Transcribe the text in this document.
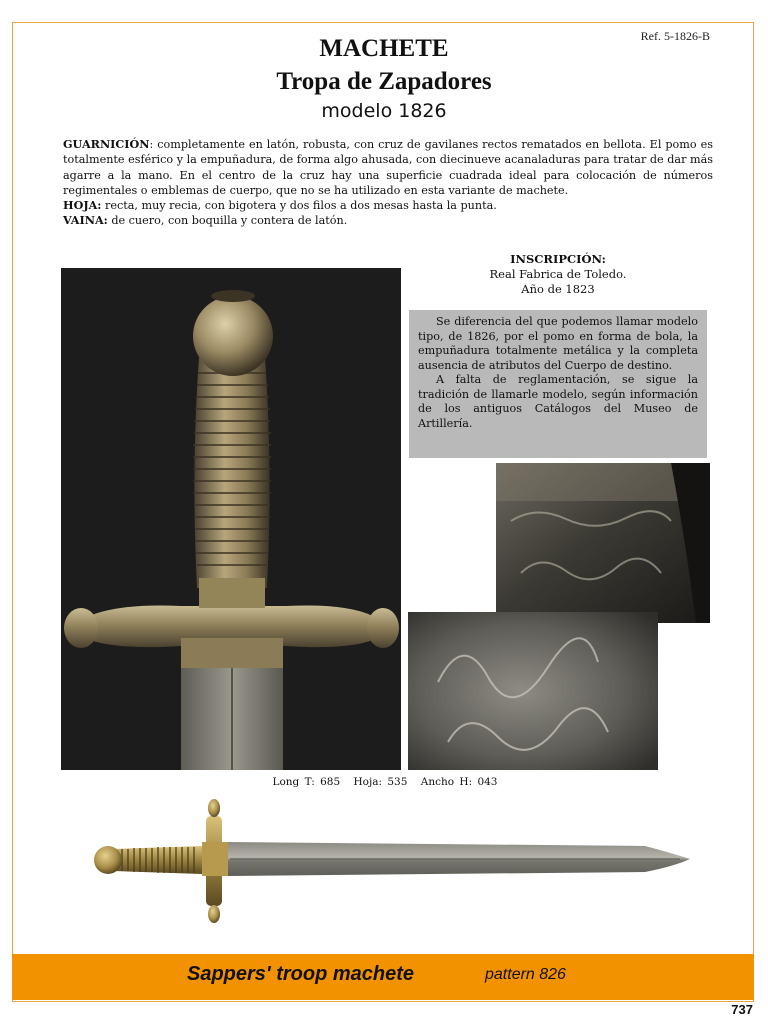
Ref. 5-1826-B
MACHETE
Tropa de Zapadores
modelo 1826

GUARNICIÓN: completamente en latón, robusta, con cruz de gavilanes rectos rematados en bellota. El pomo es totalmente esférico y la empuñadura, de forma algo ahusada, con diecinueve acanaladuras para tratar de dar más agarre a la mano. En el centro de la cruz hay una superficie cuadrada ideal para colocación de números regimentales o emblemas de cuerpo, que no se ha utilizado en esta variante de machete.

HOJA: recta, muy recia, con bigotera y dos filos a dos mesas hasta la punta.

VAINA: de cuero, con boquilla y contera de latón.

INSCRIPCIÓN:
Real Fabrica de Toledo.
Año de 1823

Se diferencia del que podemos llamar modelo tipo, de 1826, por el pomo en forma de bola, la empuñadura totalmente metálica y la completa ausencia de atributos del Cuerpo de destino.

A falta de reglamentación, se sigue la tradición de llamarle modelo, según información de los antiguos Catálogos del Museo de Artillería.

Long T: 685 Hoja: 535 Ancho H: 043
Sappers' troop machete	pattern 826
737
